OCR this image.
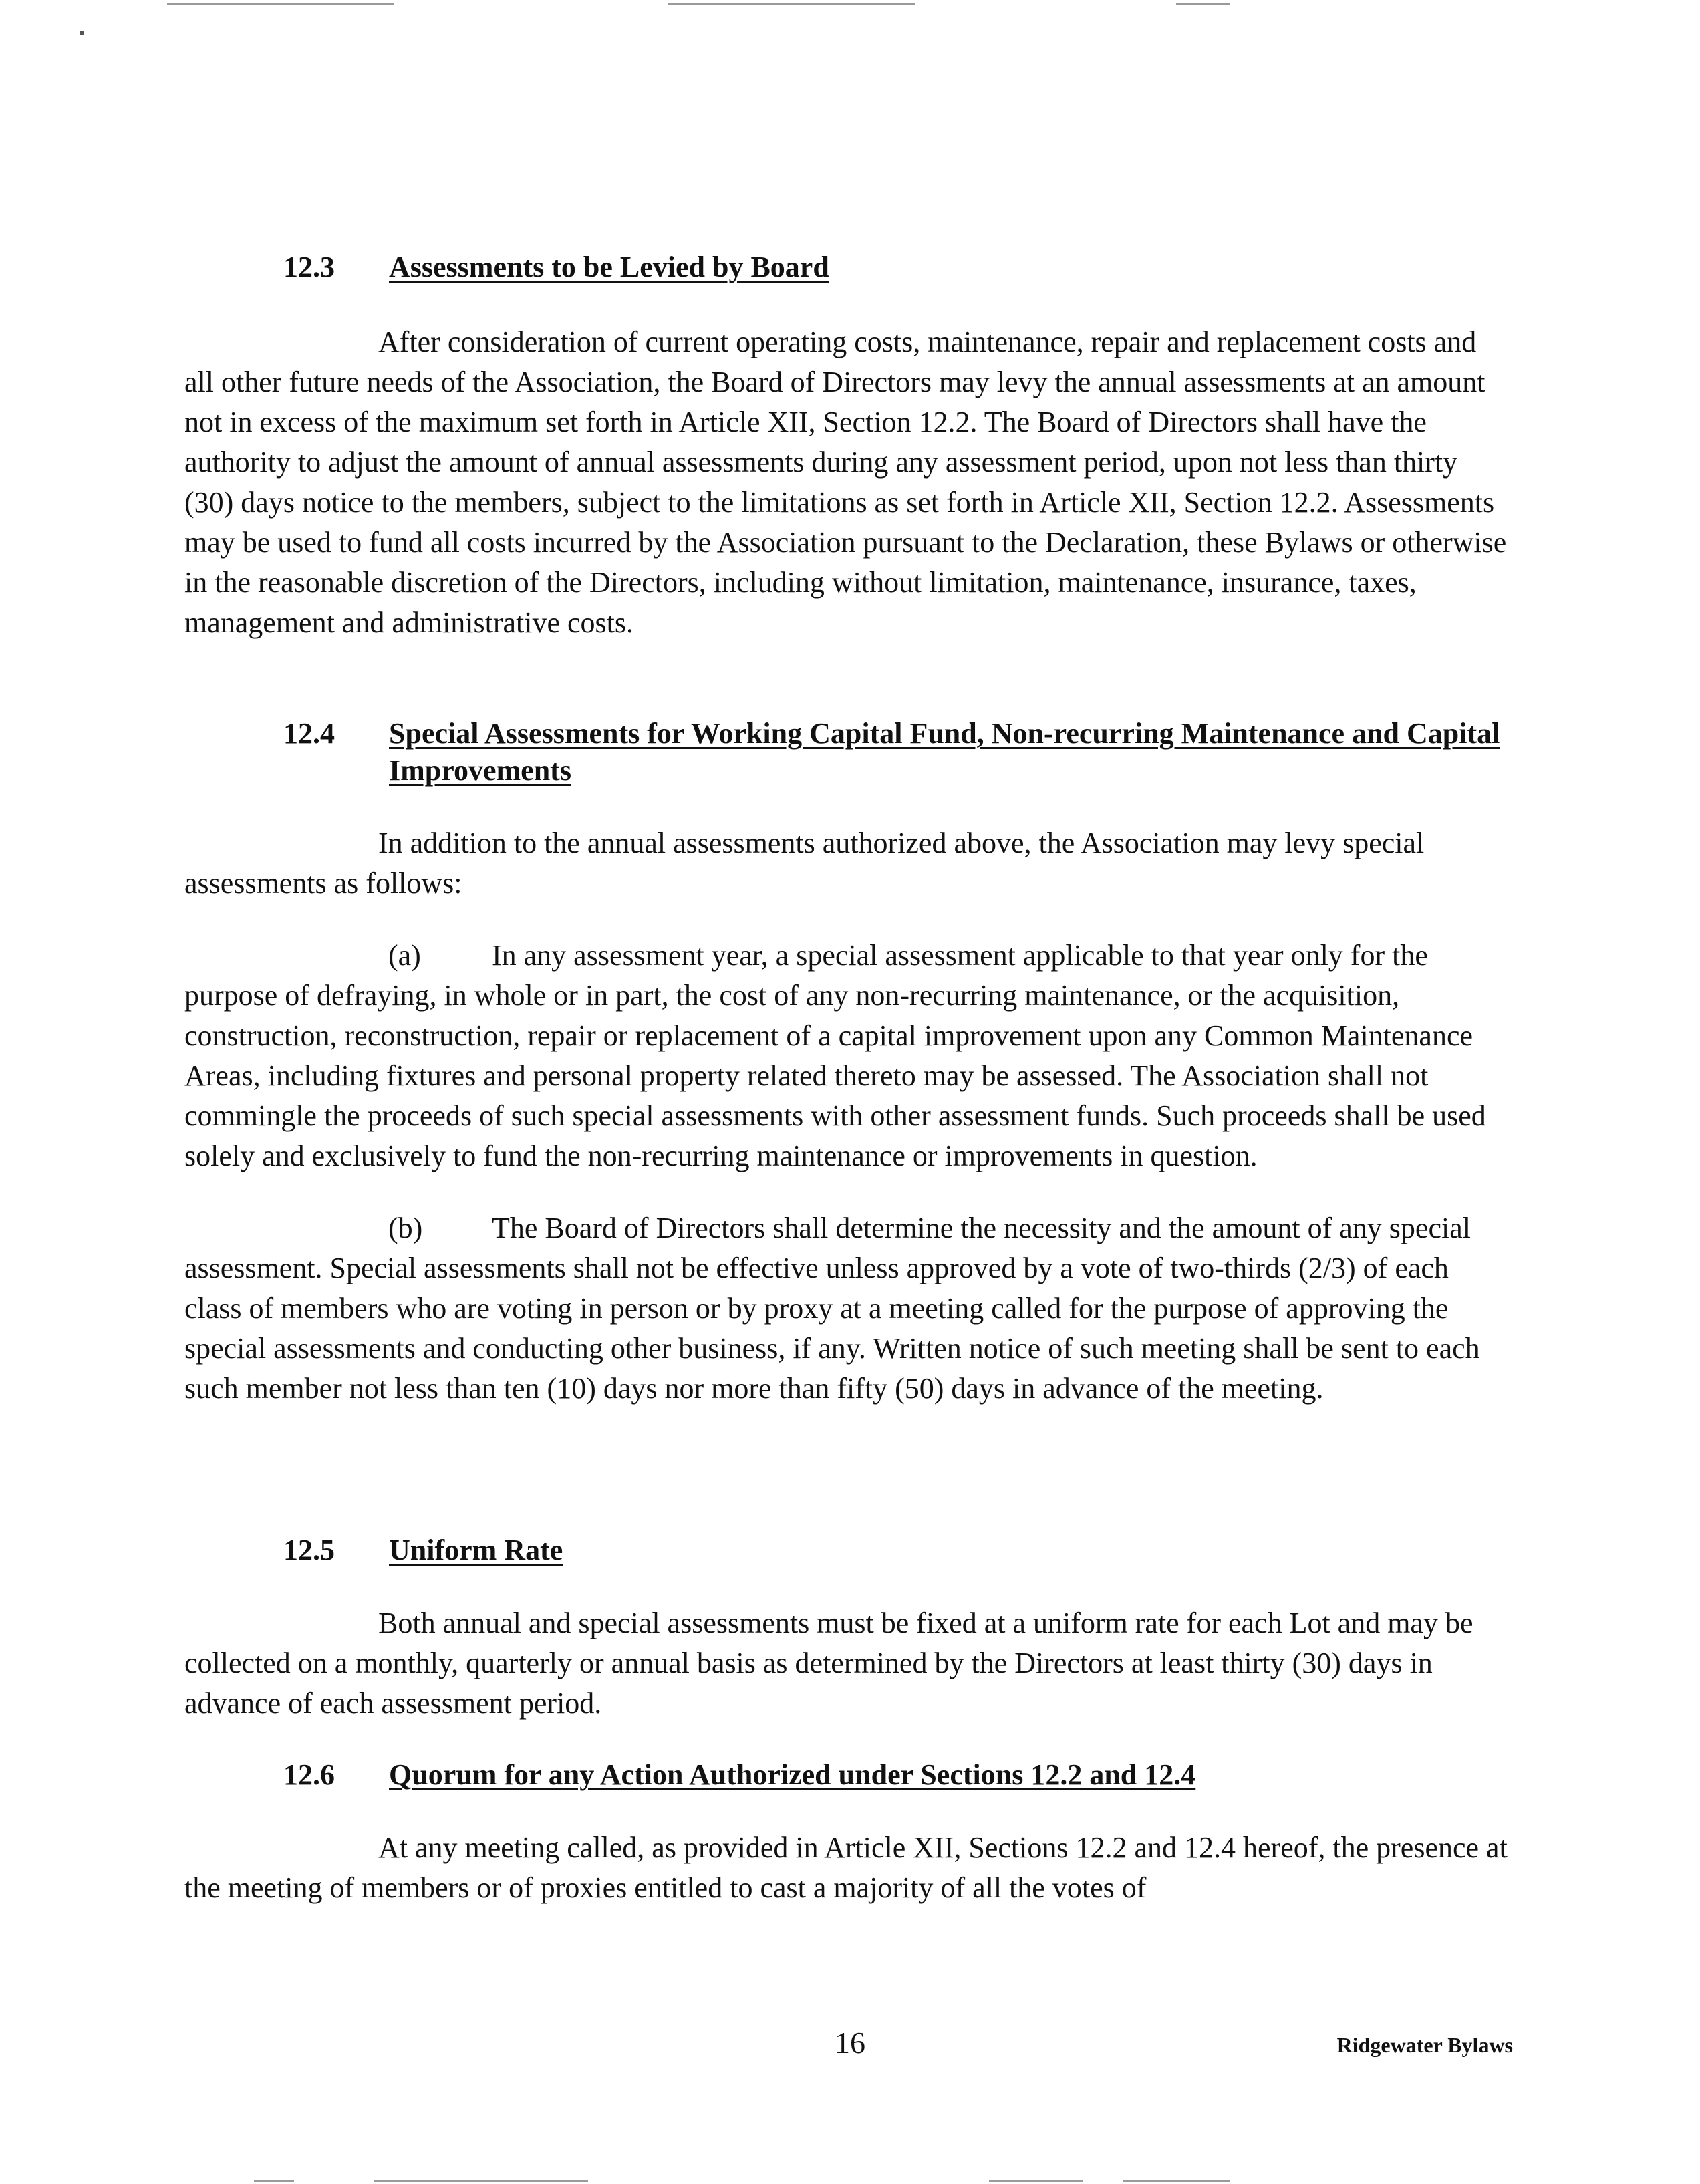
12.3 Assessments to be Levied by Board

After consideration of current operating costs, maintenance, repair and replacement costs and all other future needs of the Association, the Board of Directors may levy the annual assessments at an amount not in excess of the maximum set forth in Article XII, Section 12.2. The Board of Directors shall have the authority to adjust the amount of annual assessments during any assessment period, upon not less than thirty (30) days notice to the members, subject to the limitations as set forth in Article XII, Section 12.2. Assessments may be used to fund all costs incurred by the Association pursuant to the Declaration, these Bylaws or otherwise in the reasonable discretion of the Directors, including without limitation, maintenance, insurance, taxes, management and administrative costs.

12.4 Special Assessments for Working Capital Fund, Non-recurring Maintenance and Capital Improvements

In addition to the annual assessments authorized above, the Association may levy special assessments as follows:

(a) In any assessment year, a special assessment applicable to that year only for the purpose of defraying, in whole or in part, the cost of any non-recurring maintenance, or the acquisition, construction, reconstruction, repair or replacement of a capital improvement upon any Common Maintenance Areas, including fixtures and personal property related thereto may be assessed. The Association shall not commingle the proceeds of such special assessments with other assessment funds. Such proceeds shall be used solely and exclusively to fund the non-recurring maintenance or improvements in question.

(b) The Board of Directors shall determine the necessity and the amount of any special assessment. Special assessments shall not be effective unless approved by a vote of two-thirds (2/3) of each class of members who are voting in person or by proxy at a meeting called for the purpose of approving the special assessments and conducting other business, if any. Written notice of such meeting shall be sent to each such member not less than ten (10) days nor more than fifty (50) days in advance of the meeting.

12.5 Uniform Rate

Both annual and special assessments must be fixed at a uniform rate for each Lot and may be collected on a monthly, quarterly or annual basis as determined by the Directors at least thirty (30) days in advance of each assessment period.

12.6 Quorum for any Action Authorized under Sections 12.2 and 12.4

At any meeting called, as provided in Article XII, Sections 12.2 and 12.4 hereof, the presence at the meeting of members or of proxies entitled to cast a majority of all the votes of

16	Ridgewater Bylaws
